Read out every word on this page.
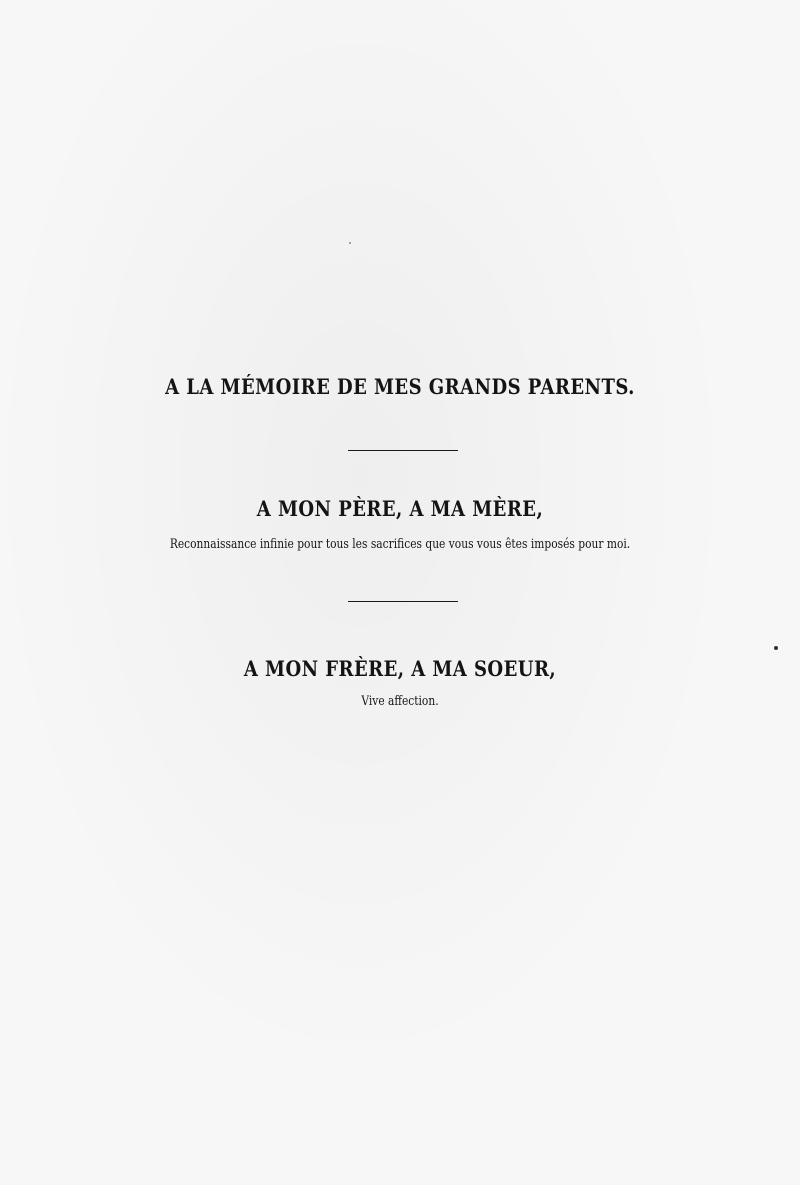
A LA MÉMOIRE DE MES GRANDS PARENTS.
A MON PÈRE, A MA MÈRE,
Reconnaissance infinie pour tous les sacrifices que vous vous êtes imposés pour moi.
A MON FRÈRE, A MA SOEUR,
Vive affection.
